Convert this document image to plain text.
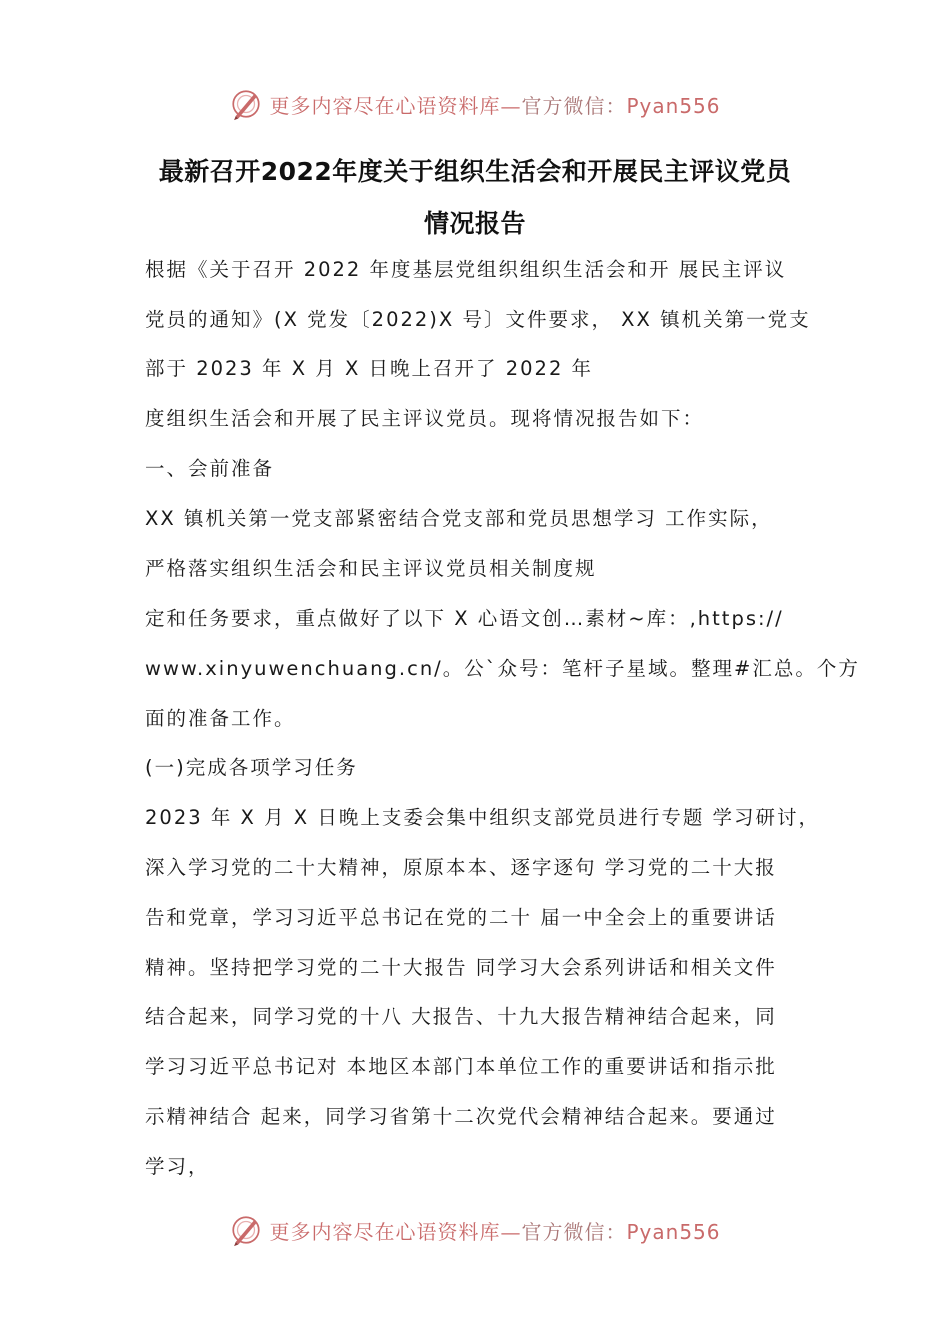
更多内容尽在心语资料库—官方微信：Pyan556
最新召开2022年度关于组织生活会和开展民主评议党员
情况报告
根据《关于召开 2022 年度基层党组织组织生活会和开 展民主评议
党员的通知》(X 党发〔2022)X 号〕文件要求， XX 镇机关第一党支
部于 2023 年 X 月 X 日晚上召开了 2022 年
度组织生活会和开展了民主评议党员。现将情况报告如下：
一、会前准备
XX 镇机关第一党支部紧密结合党支部和党员思想学习 工作实际，
严格落实组织生活会和民主评议党员相关制度规
定和任务要求，重点做好了以下 X 心语文创…素材~库：,https://
www.xinyuwenchuang.cn/。公`众号：笔杆子星域。整理#汇总。个方
面的准备工作。
(一)完成各项学习任务
2023 年 X 月 X 日晚上支委会集中组织支部党员进行专题 学习研讨，
深入学习党的二十大精神，原原本本、逐字逐句 学习党的二十大报
告和党章，学习习近平总书记在党的二十 届一中全会上的重要讲话
精神。坚持把学习党的二十大报告 同学习大会系列讲话和相关文件
结合起来，同学习党的十八 大报告、十九大报告精神结合起来，同
学习习近平总书记对 本地区本部门本单位工作的重要讲话和指示批
示精神结合 起来，同学习省第十二次党代会精神结合起来。要通过
学习，
更多内容尽在心语资料库—官方微信：Pyan556
